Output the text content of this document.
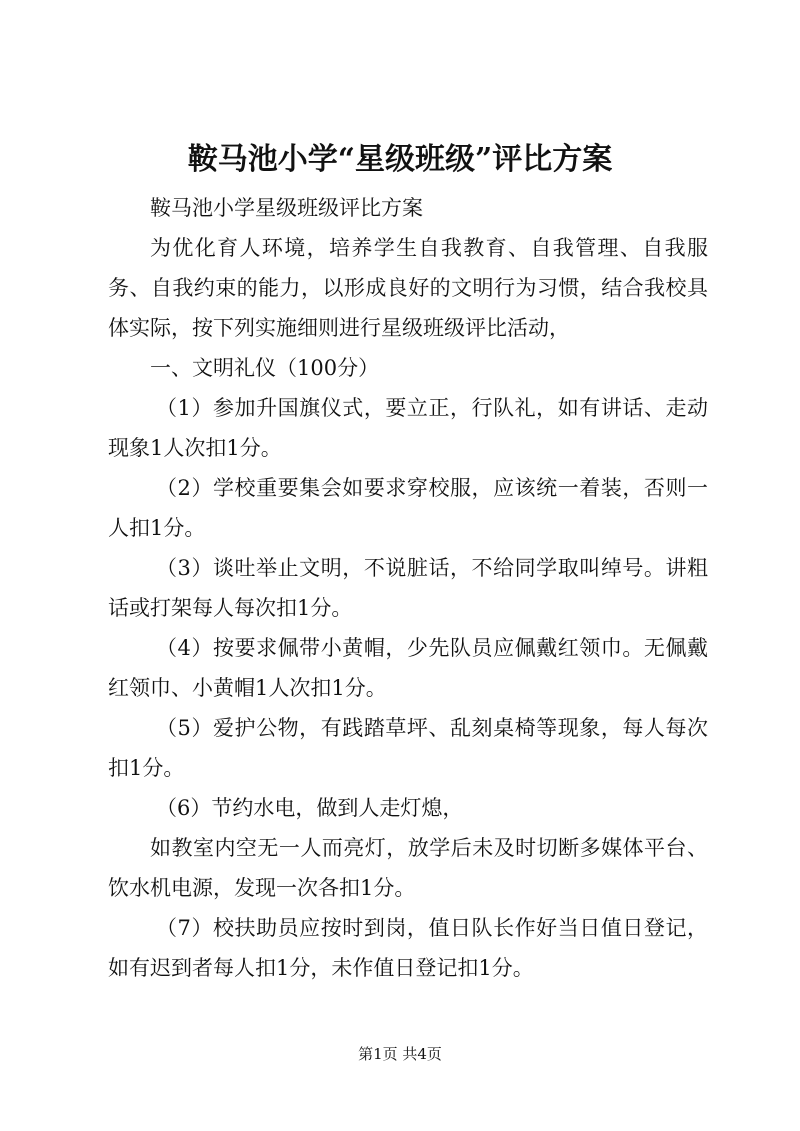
鞍马池小学“星级班级”评比方案

鞍马池小学星级班级评比方案

为优化育人环境，培养学生自我教育、自我管理、自我服务、自我约束的能力，以形成良好的文明行为习惯，结合我校具体实际，按下列实施细则进行星级班级评比活动，

一、文明礼仪（100分）

（1）参加升国旗仪式，要立正，行队礼，如有讲话、走动现象1人次扣1分。

（2）学校重要集会如要求穿校服，应该统一着装，否则一人扣1分。

（3）谈吐举止文明，不说脏话，不给同学取叫绰号。讲粗话或打架每人每次扣1分。

（4）按要求佩带小黄帽，少先队员应佩戴红领巾。无佩戴红领巾、小黄帽1人次扣1分。

（5）爱护公物，有践踏草坪、乱刻桌椅等现象，每人每次扣1分。

（6）节约水电，做到人走灯熄，

如教室内空无一人而亮灯，放学后未及时切断多媒体平台、饮水机电源，发现一次各扣1分。

（7）校扶助员应按时到岗，值日队长作好当日值日登记，如有迟到者每人扣1分，未作值日登记扣1分。

第1页 共4页
